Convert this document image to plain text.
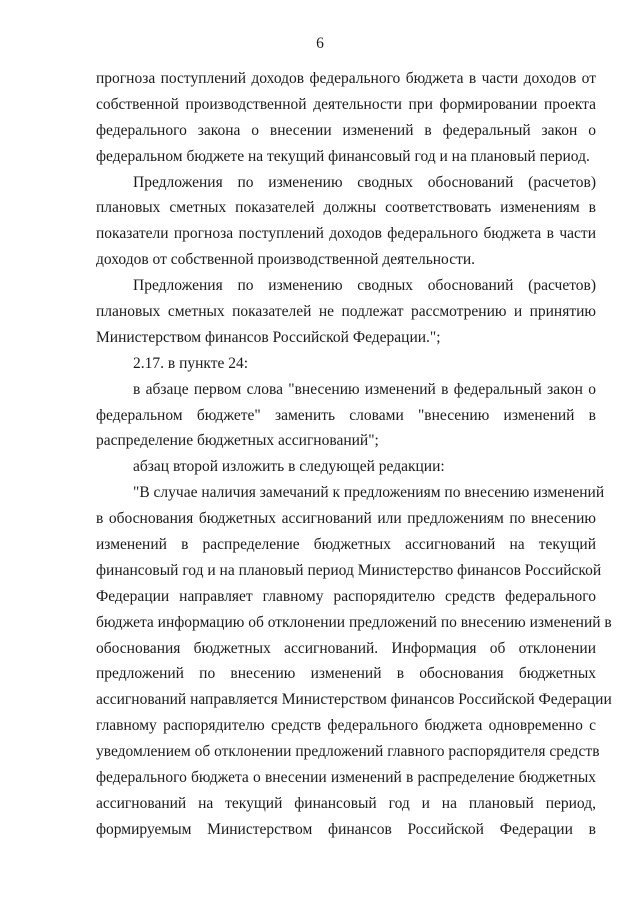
6
прогноза поступлений доходов федерального бюджета в части доходов от
собственной производственной деятельности при формировании проекта
федерального закона о внесении изменений в федеральный закон о
федеральном бюджете на текущий финансовый год и на плановый период.
Предложения по изменению сводных обоснований (расчетов)
плановых сметных показателей должны соответствовать изменениям в
показатели прогноза поступлений доходов федерального бюджета в части
доходов от собственной производственной деятельности.
Предложения по изменению сводных обоснований (расчетов)
плановых сметных показателей не подлежат рассмотрению и принятию
Министерством финансов Российской Федерации.";
2.17. в пункте 24:
в абзаце первом слова "внесению изменений в федеральный закон о
федеральном бюджете" заменить словами "внесению изменений в
распределение бюджетных ассигнований";
абзац второй изложить в следующей редакции:
"В случае наличия замечаний к предложениям по внесению изменений
в обоснования бюджетных ассигнований или предложениям по внесению
изменений в распределение бюджетных ассигнований на текущий
финансовый год и на плановый период Министерство финансов Российской
Федерации направляет главному распорядителю средств федерального
бюджета информацию об отклонении предложений по внесению изменений в
обоснования бюджетных ассигнований. Информация об отклонении
предложений по внесению изменений в обоснования бюджетных
ассигнований направляется Министерством финансов Российской Федерации
главному распорядителю средств федерального бюджета одновременно с
уведомлением об отклонении предложений главного распорядителя средств
федерального бюджета о внесении изменений в распределение бюджетных
ассигнований на текущий финансовый год и на плановый период,
формируемым Министерством финансов Российской Федерации в
